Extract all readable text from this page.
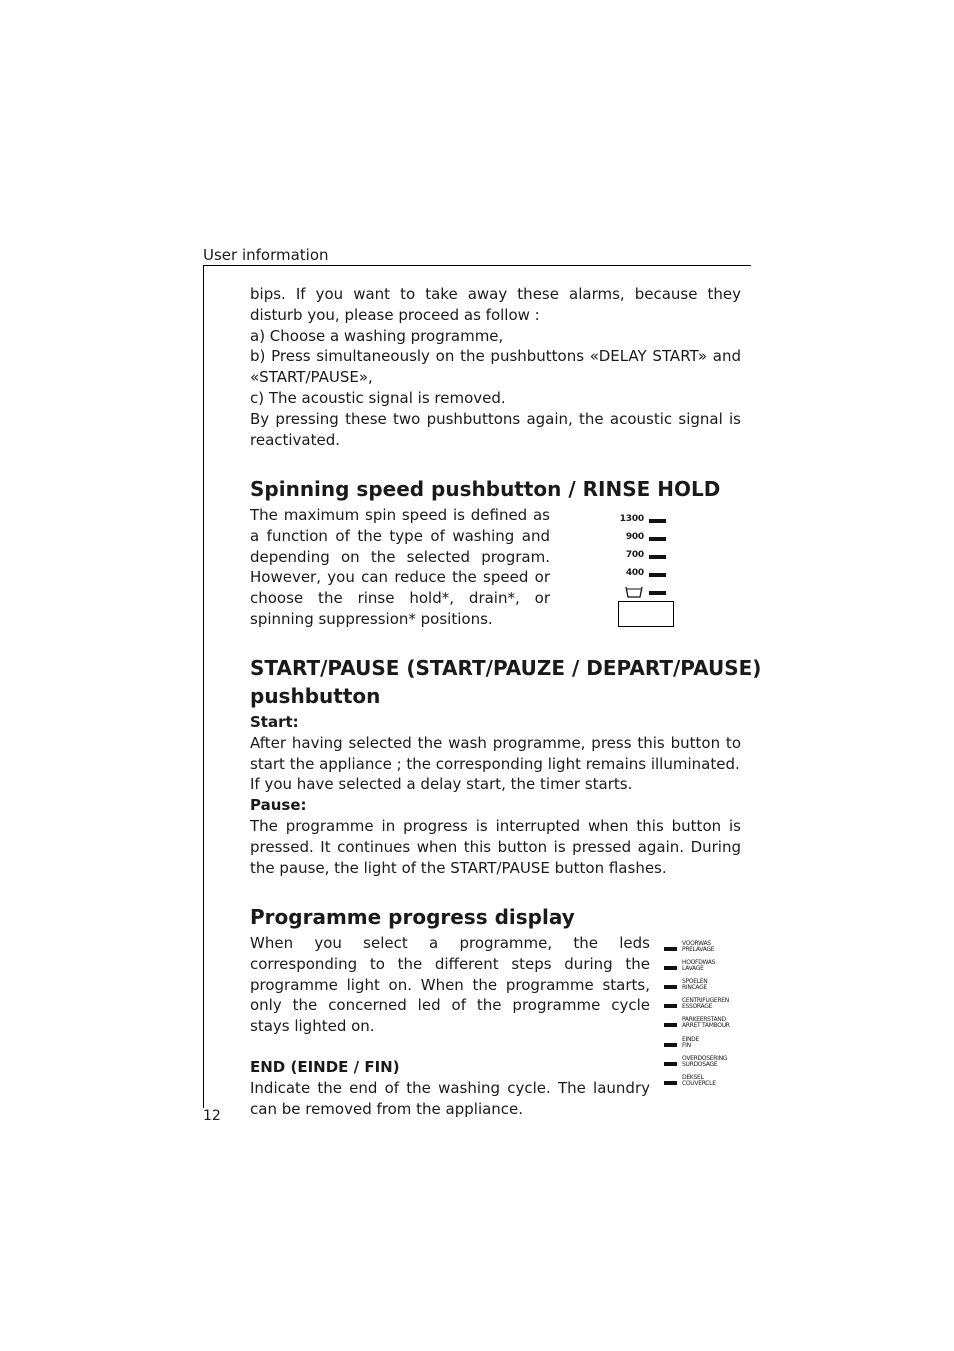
User information
12

bips. If you want to take away these alarms, because they disturb you, please proceed as follow :

a) Choose a washing programme,

b) Press simultaneously on the pushbuttons «DELAY START» and «START/PAUSE»,

c) The acoustic signal is removed.

By pressing these two pushbuttons again, the acoustic signal is reactivated.

Spinning speed pushbutton / RINSE HOLD

The maximum spin speed is defined as a function of the type of washing and depending on the selected program. However, you can reduce the speed or choose the rinse hold*, drain*, or spinning suppression* positions.

1300
900
700
400
START/PAUSE (START/PAUZE / DEPART/PAUSE)
pushbutton

Start:

After having selected the wash programme, press this button to start the appliance ; the corresponding light remains illuminated.

If you have selected a delay start, the timer starts.

Pause:

The programme in progress is interrupted when this button is pressed. It continues when this button is pressed again. During the pause, the light of the START/PAUSE button flashes.

Programme progress display

When you select a programme, the leds corresponding to the different steps during the programme light on. When the programme starts, only the concerned led of the programme cycle stays lighted on.

END (EINDE / FIN)

Indicate the end of the washing cycle. The laundry can be removed from the appliance.

VOORWAS
PRELAVAGE
HOOFDWAS
LAVAGE
SPOELEN
RINCAGE
CENTRIFUGEREN
ESSORAGE
PARKEERSTAND
ARRET TAMBOUR
EINDE
FIN
OVERDOSERING
SURDOSAGE
DEKSEL
COUVERCLE
